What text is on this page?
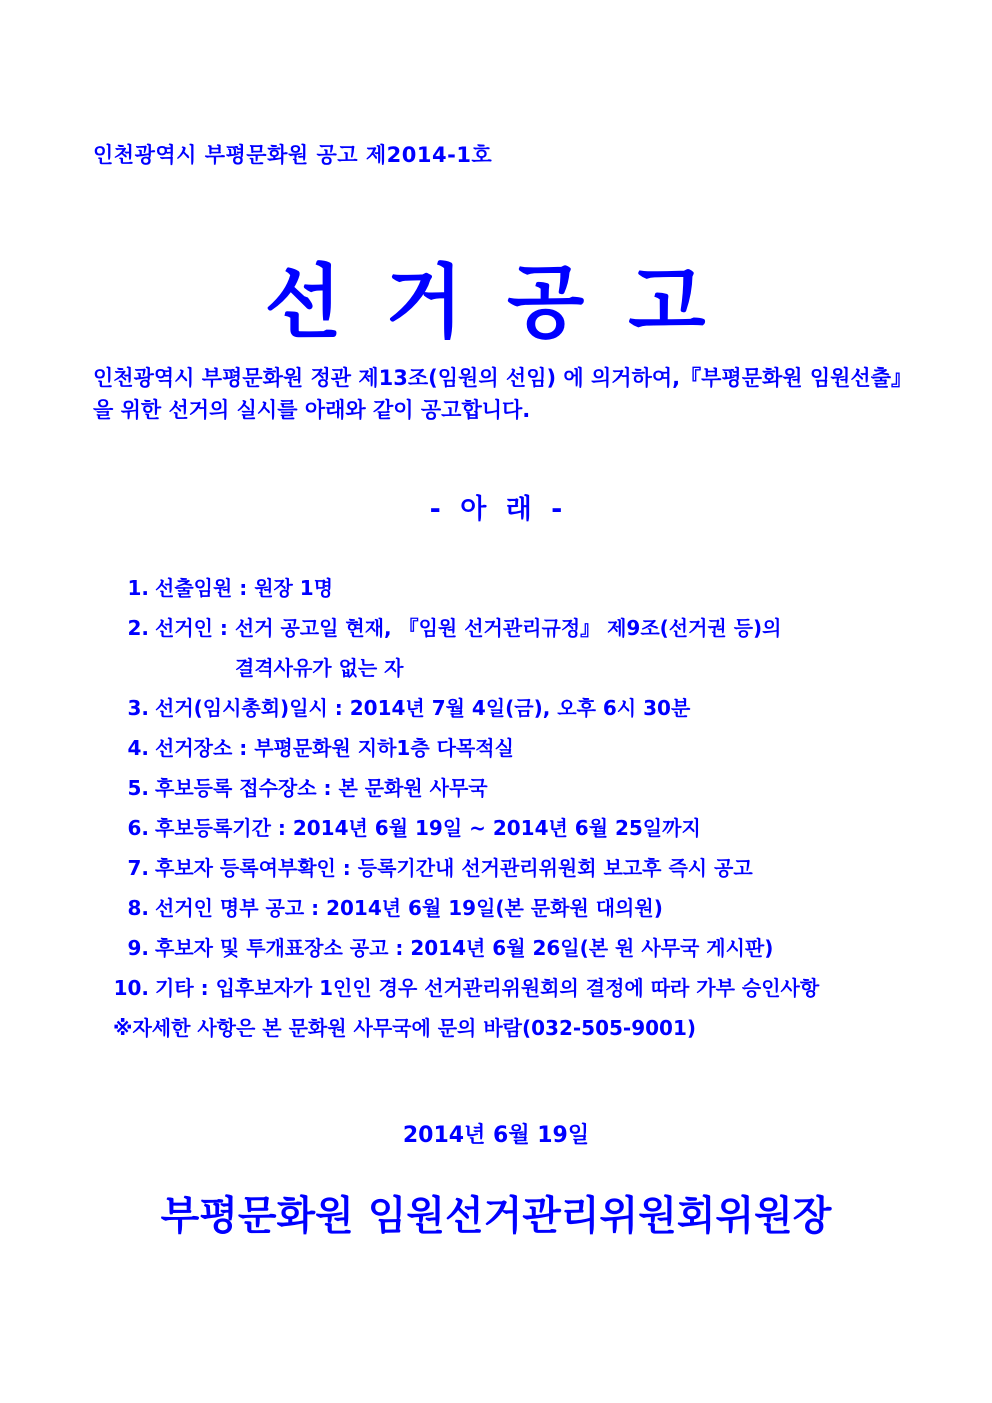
인천광역시 부평문화원 공고 제2014-1호
선거공고
인천광역시 부평문화원 정관 제13조(임원의 선임) 에 의거하여,『부평문화원 임원선출』을 위한 선거의 실시를 아래와 같이 공고합니다.
- 아 래 -
1. 선출임원 : 원장 1명
2. 선거인 : 선거 공고일 현재, 『임원 선거관리규정』 제9조(선거권 등)의
결격사유가 없는 자
3. 선거(임시총회)일시 : 2014년 7월 4일(금), 오후 6시 30분
4. 선거장소 : 부평문화원 지하1층 다목적실
5. 후보등록 접수장소 : 본 문화원 사무국
6. 후보등록기간 : 2014년 6월 19일 ~ 2014년 6월 25일까지
7. 후보자 등록여부확인 : 등록기간내 선거관리위원회 보고후 즉시 공고
8. 선거인 명부 공고 : 2014년 6월 19일(본 문화원 대의원)
9. 후보자 및 투개표장소 공고 : 2014년 6월 26일(본 원 사무국 게시판)
10. 기타 : 입후보자가 1인인 경우 선거관리위원회의 결정에 따라 가부 승인사항
※자세한 사항은 본 문화원 사무국에 문의 바람(032-505-9001)
2014년 6월 19일
부평문화원 임원선거관리위원회위원장
